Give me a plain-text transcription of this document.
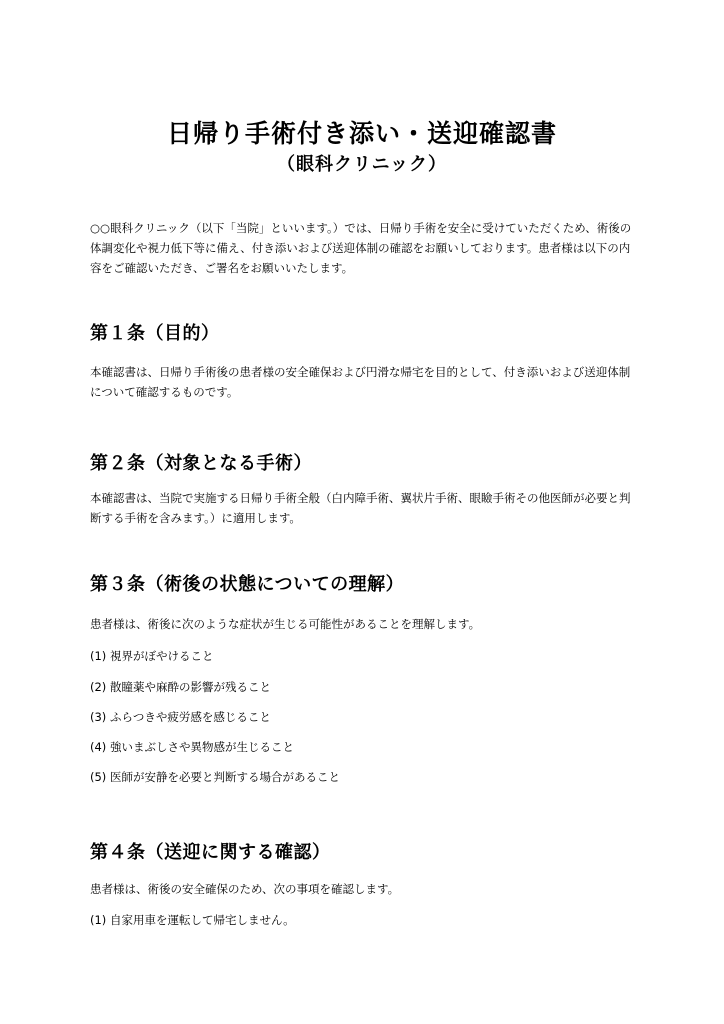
日帰り手術付き添い・送迎確認書
（眼科クリニック）

○○眼科クリニック（以下「当院」といいます。）では、日帰り手術を安全に受けていただくため、術後の体調変化や視力低下等に備え、付き添いおよび送迎体制の確認をお願いしております。患者様は以下の内容をご確認いただき、ご署名をお願いいたします。

第１条（目的）

本確認書は、日帰り手術後の患者様の安全確保および円滑な帰宅を目的として、付き添いおよび送迎体制について確認するものです。

第２条（対象となる手術）

本確認書は、当院で実施する日帰り手術全般（白内障手術、翼状片手術、眼瞼手術その他医師が必要と判断する手術を含みます。）に適用します。

第３条（術後の状態についての理解）

患者様は、術後に次のような症状が生じる可能性があることを理解します。

(1) 視界がぼやけること

(2) 散瞳薬や麻酔の影響が残ること

(3) ふらつきや疲労感を感じること

(4) 強いまぶしさや異物感が生じること

(5) 医師が安静を必要と判断する場合があること

第４条（送迎に関する確認）

患者様は、術後の安全確保のため、次の事項を確認します。

(1) 自家用車を運転して帰宅しません。
